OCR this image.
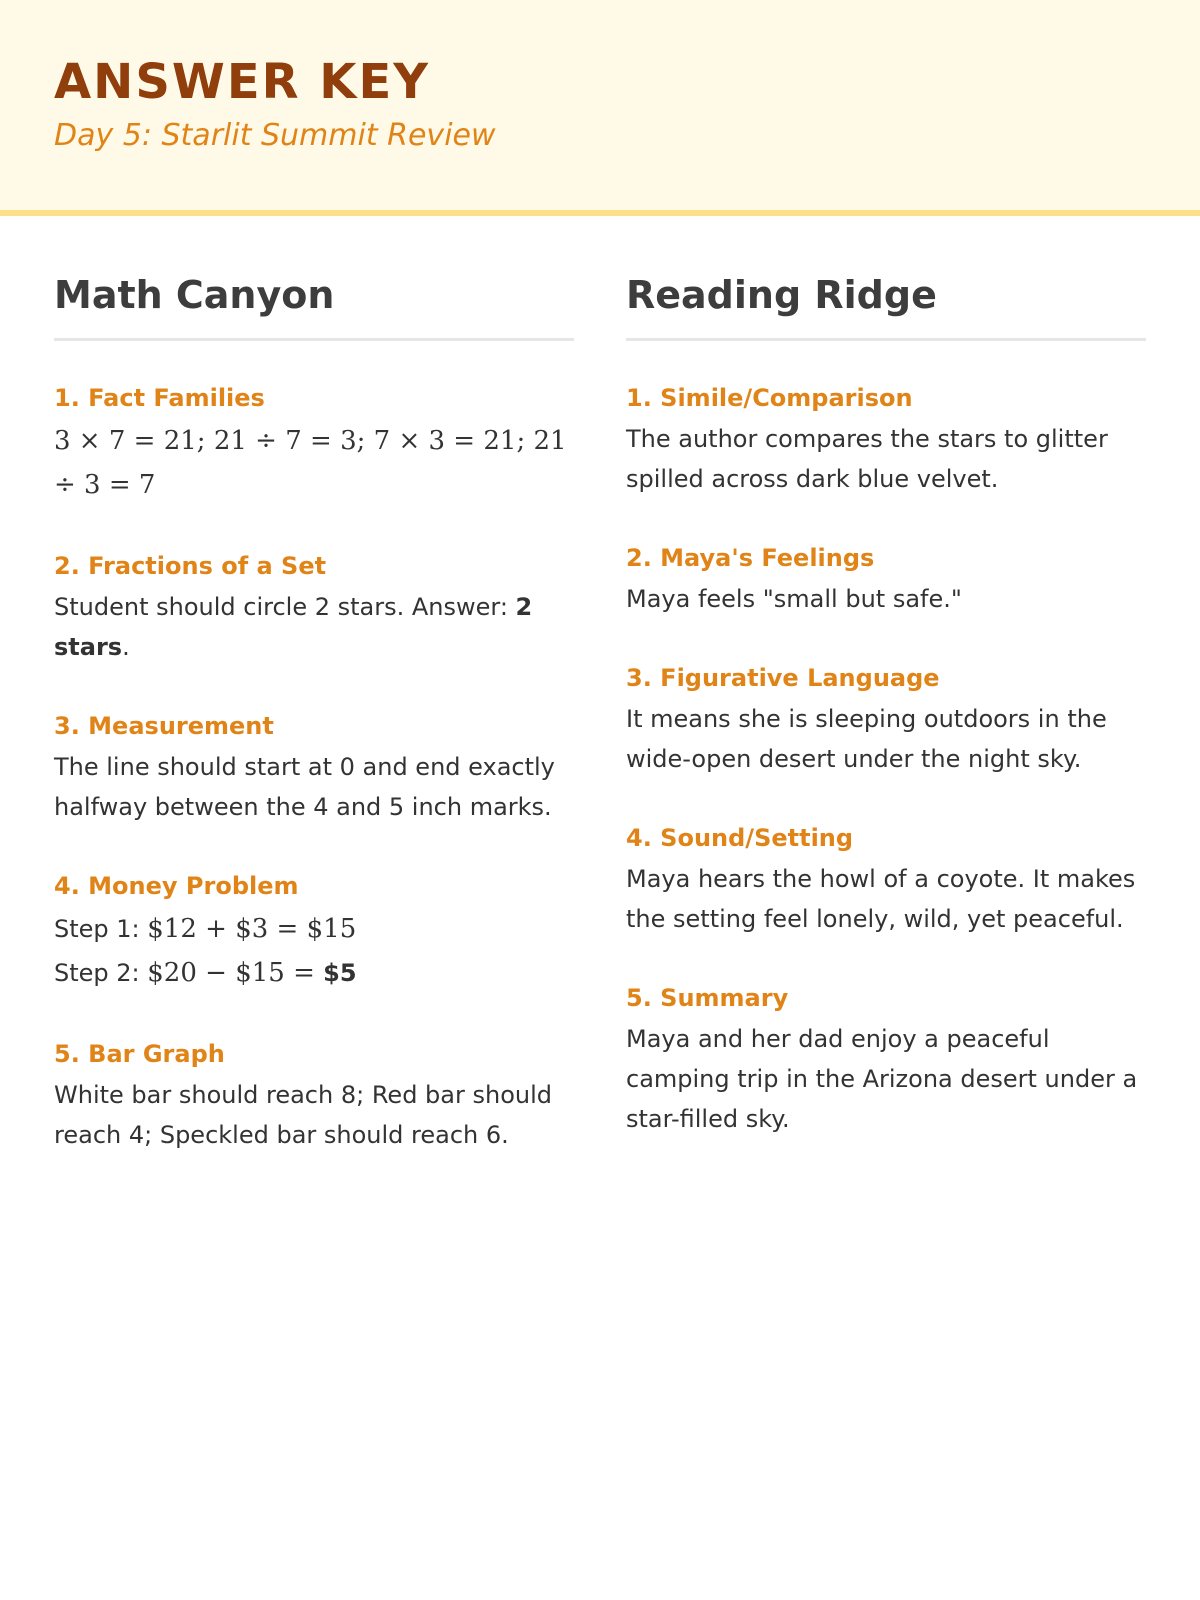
ANSWER KEY
Day 5: Starlit Summit Review
Math Canyon
1. Fact Families
3 × 7 = 21; 21 ÷ 7 = 3; 7 × 3 = 21; 21 ÷ 3 = 7
2. Fractions of a Set
Student should circle 2 stars. Answer: 2 stars.
3. Measurement
The line should start at 0 and end exactly halfway between the 4 and 5 inch marks.
4. Money Problem
Step 1: $12 + $3 = $15
Step 2: $20 − $15 = $5
5. Bar Graph
White bar should reach 8; Red bar should reach 4; Speckled bar should reach 6.
Reading Ridge
1. Simile/Comparison
The author compares the stars to glitter spilled across dark blue velvet.
2. Maya's Feelings
Maya feels "small but safe."
3. Figurative Language
It means she is sleeping outdoors in the wide-open desert under the night sky.
4. Sound/Setting
Maya hears the howl of a coyote. It makes the setting feel lonely, wild, yet peaceful.
5. Summary
Maya and her dad enjoy a peaceful camping trip in the Arizona desert under a star-filled sky.
